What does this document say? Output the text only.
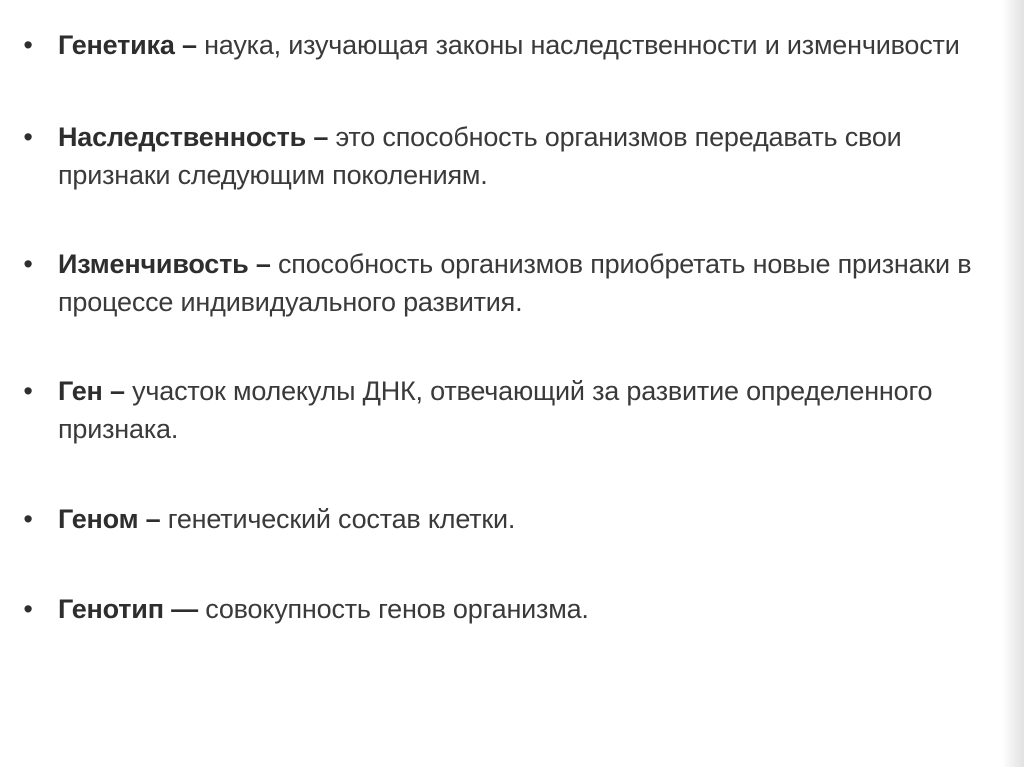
• Генетика – наука, изучающая законы наследственности и изменчивости
• Наследственность – это способность организмов передавать свои признаки следующим поколениям.
• Изменчивость – способность организмов приобретать новые признаки в процессе индивидуального развития.
• Ген – участок молекулы ДНК, отвечающий за развитие определенного признака.
• Геном – генетический состав клетки.
• Генотип — совокупность генов организма.
